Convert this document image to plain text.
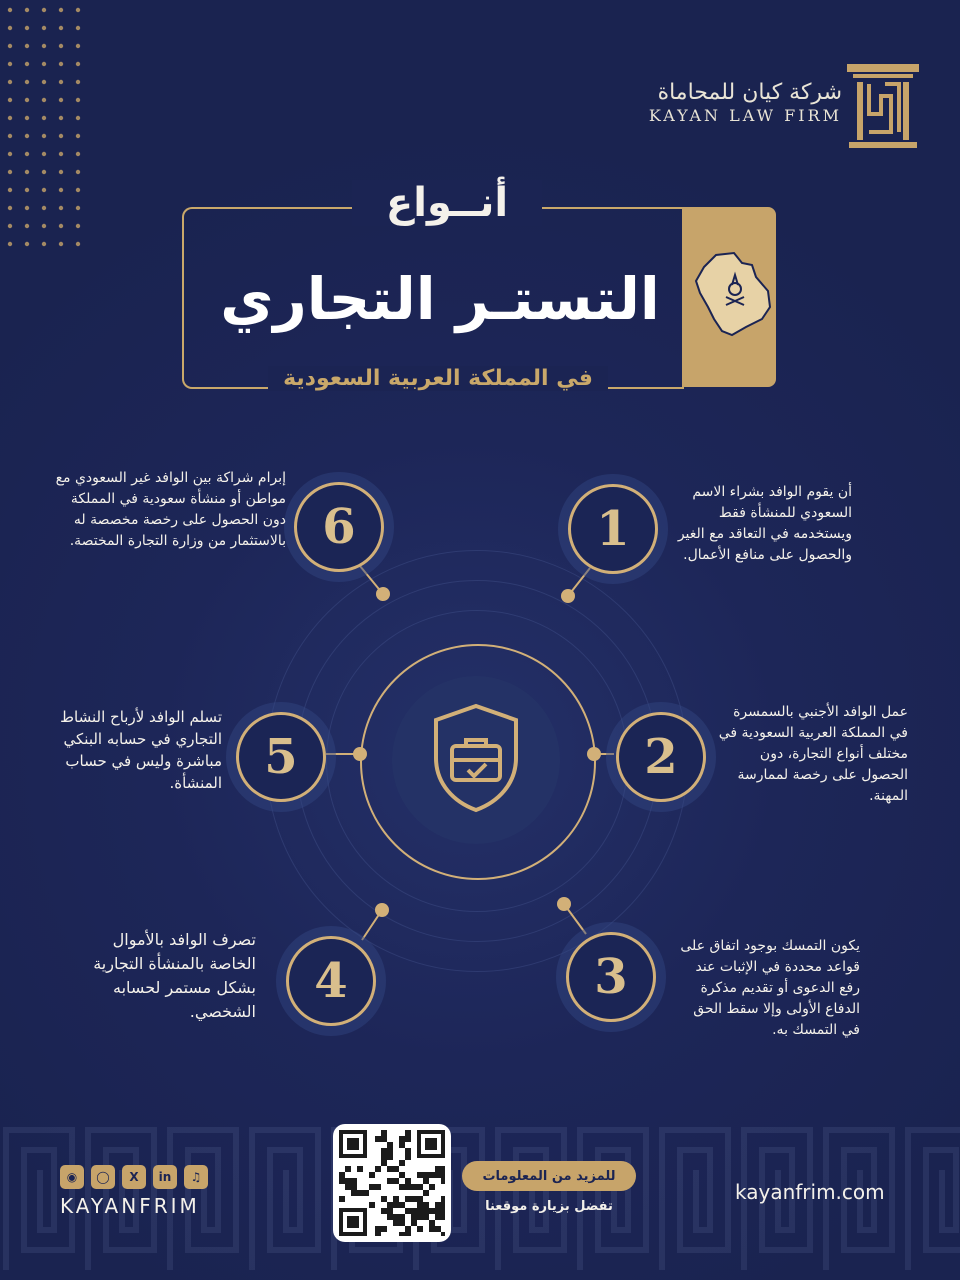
شركة كيان للمحاماة
KAYAN LAW FIRM
أنــواع
التستـر التجاري
في المملكة العربية السعودية
1
2
3
4
5
6
أن يقوم الوافد بشراء الاسم السعودي للمنشأة فقط ويستخدمه في التعاقد مع الغير والحصول على منافع الأعمال.
عمل الوافد الأجنبي بالسمسرة في المملكة العربية السعودية في مختلف أنواع التجارة، دون الحصول على رخصة لممارسة المهنة.
يكون التمسك بوجود اتفاق على قواعد محددة في الإثبات عند رفع الدعوى أو تقديم مذكرة الدفاع الأولى وإلا سقط الحق في التمسك به.
تصرف الوافد بالأموال الخاصة بالمنشأة التجارية بشكل مستمر لحسابه الشخصي.
تسلم الوافد لأرباح النشاط التجاري في حسابه البنكي مباشرة وليس في حساب المنشأة.
إبرام شراكة بين الوافد غير السعودي مع مواطن أو منشأة سعودية في المملكة دون الحصول على رخصة مخصصة له بالاستثمار من وزارة التجارة المختصة.
للمزيد من المعلومات
تفضل بزيارة موقعنا
kayanfrim.com
◉	◯	X	in	♫
KAYANFRIM
